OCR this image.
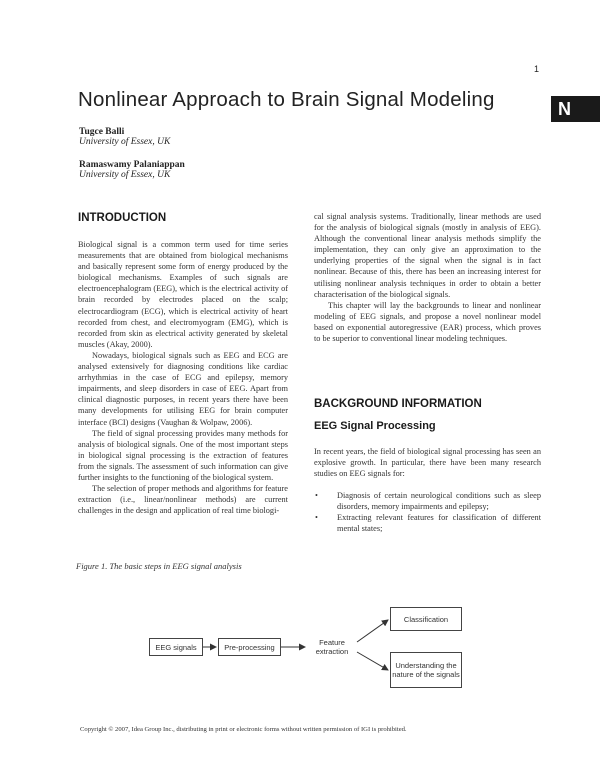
1
N
Nonlinear Approach to Brain Signal Modeling
Tugce Balli
University of Essex, UK
Ramaswamy Palaniappan
University of Essex, UK
INTRODUCTION

Biological signal is a common term used for time series measurements that are obtained from biological mechanisms and basically represent some form of energy produced by the biological mechanisms. Examples of such signals are electroencephalogram (EEG), which is the electrical activity of brain recorded by electrodes placed on the scalp; electrocardiogram (ECG), which is electrical activity of heart recorded from chest, and electromyogram (EMG), which is recorded from skin as electrical activity generated by skeletal muscles (Akay, 2000).

Nowadays, biological signals such as EEG and ECG are analysed extensively for diagnosing conditions like cardiac arrhythmias in the case of ECG and epilepsy, memory impairments, and sleep disorders in case of EEG. Apart from clinical diagnostic purposes, in recent years there have been many developments for utilising EEG for brain computer interface (BCI) designs (Vaughan & Wolpaw, 2006).

The field of signal processing provides many methods for analysis of biological signals. One of the most important steps in biological signal processing is the extraction of features from the signals. The assessment of such information can give further insights to the functioning of the biological system.

The selection of proper methods and algorithms for feature extraction (i.e., linear/nonlinear methods) are current challenges in the design and application of real time biologi-

cal signal analysis systems. Traditionally, linear methods are used for the analysis of biological signals (mostly in analysis of EEG). Although the conventional linear analysis methods simplify the implementation, they can only give an approximation to the underlying properties of the signal when the signal is in fact nonlinear. Because of this, there has been an increasing interest for utilising nonlinear analysis techniques in order to obtain a better characterisation of the biological signals.

This chapter will lay the backgrounds to linear and nonlinear modeling of EEG signals, and propose a novel nonlinear model based on exponential autoregressive (EAR) process, which proves to be superior to conventional linear modeling techniques.

BACKGROUND INFORMATION
EEG Signal Processing

In recent years, the field of biological signal processing has seen an explosive growth. In particular, there have been many research studies on EEG signals for:

• Diagnosis of certain neurological conditions such as sleep disorders, memory impairments and epilepsy;
• Extracting relevant features for classification of different mental states;
Figure 1. The basic steps in EEG signal analysis
EEG signals	Pre-processing	Feature extraction
Classification
Understanding the nature of the signals
Copyright © 2007, Idea Group Inc., distributing in print or electronic forms without written permission of IGI is prohibited.
